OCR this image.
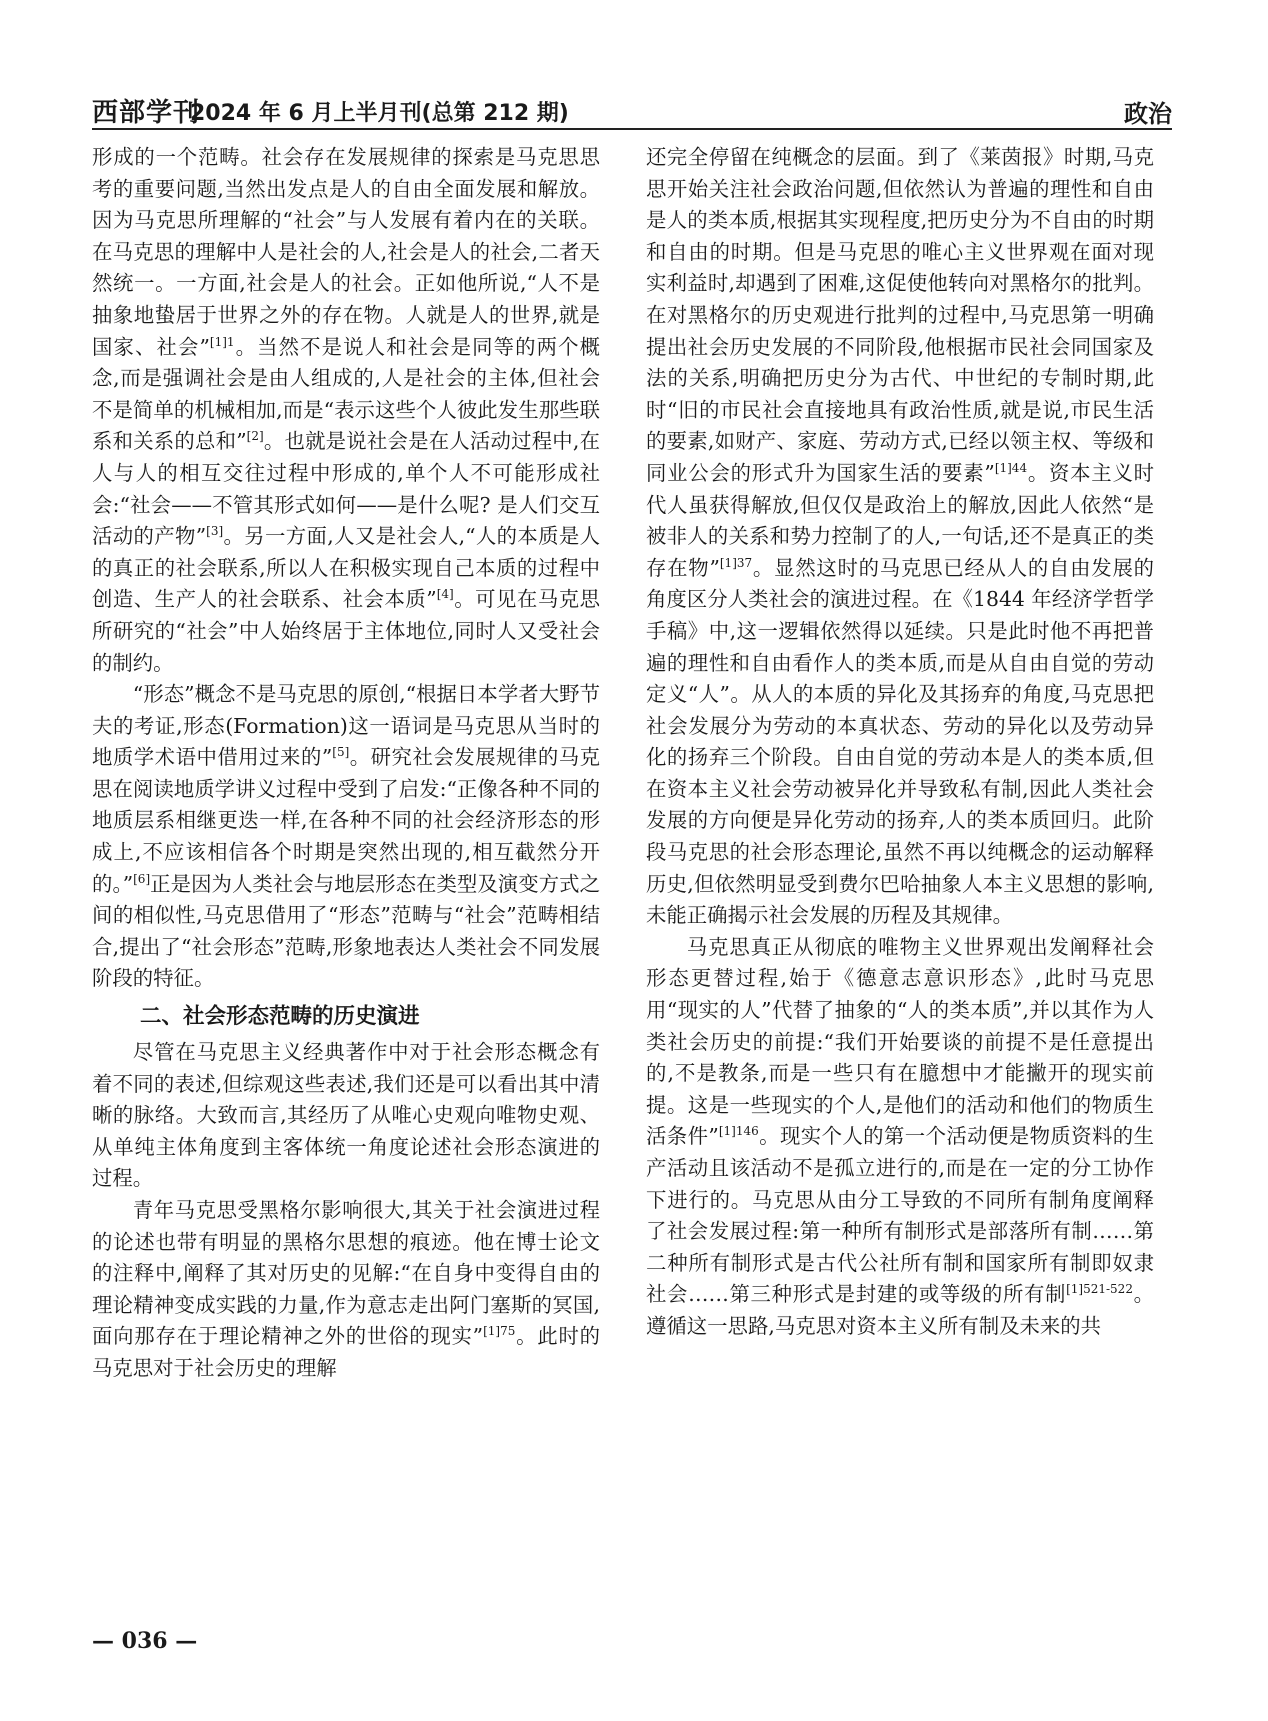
西部学刊
2024 年 6 月上半月刊(总第 212 期)	政治

形成的一个范畴。社会存在发展规律的探索是马克思思考的重要问题,当然出发点是人的自由全面发展和解放。因为马克思所理解的“社会”与人发展有着内在的关联。在马克思的理解中人是社会的人,社会是人的社会,二者天然统一。一方面,社会是人的社会。正如他所说,“人不是抽象地蛰居于世界之外的存在物。人就是人的世界,就是国家、社会”$^{[1]1}$。当然不是说人和社会是同等的两个概念,而是强调社会是由人组成的,人是社会的主体,但社会不是简单的机械相加,而是“表示这些个人彼此发生那些联系和关系的总和”[2]。也就是说社会是在人活动过程中,在人与人的相互交往过程中形成的,单个人不可能形成社会:“社会——不管其形式如何——是什么呢? 是人们交互活动的产物”[3]。另一方面,人又是社会人,“人的本质是人的真正的社会联系,所以人在积极实现自己本质的过程中创造、生产人的社会联系、社会本质”[4]。可见在马克思所研究的“社会”中人始终居于主体地位,同时人又受社会的制约。

“形态”概念不是马克思的原创,“根据日本学者大野节夫的考证,形态(Formation)这一语词是马克思从当时的地质学术语中借用过来的”[5]。研究社会发展规律的马克思在阅读地质学讲义过程中受到了启发:“正像各种不同的地质层系相继更迭一样,在各种不同的社会经济形态的形成上,不应该相信各个时期是突然出现的,相互截然分开的。”[6]正是因为人类社会与地层形态在类型及演变方式之间的相似性,马克思借用了“形态”范畴与“社会”范畴相结合,提出了“社会形态”范畴,形象地表达人类社会不同发展阶段的特征。

二、社会形态范畴的历史演进

尽管在马克思主义经典著作中对于社会形态概念有着不同的表述,但综观这些表述,我们还是可以看出其中清晰的脉络。大致而言,其经历了从唯心史观向唯物史观、从单纯主体角度到主客体统一角度论述社会形态演进的过程。

青年马克思受黑格尔影响很大,其关于社会演进过程的论述也带有明显的黑格尔思想的痕迹。他在博士论文的注释中,阐释了其对历史的见解:“在自身中变得自由的理论精神变成实践的力量,作为意志走出阿门塞斯的冥国,面向那存在于理论精神之外的世俗的现实”$^{[1]75}$。此时的马克思对于社会历史的理解

还完全停留在纯概念的层面。到了《莱茵报》时期,马克思开始关注社会政治问题,但依然认为普遍的理性和自由是人的类本质,根据其实现程度,把历史分为不自由的时期和自由的时期。但是马克思的唯心主义世界观在面对现实利益时,却遇到了困难,这促使他转向对黑格尔的批判。在对黑格尔的历史观进行批判的过程中,马克思第一明确提出社会历史发展的不同阶段,他根据市民社会同国家及法的关系,明确把历史分为古代、中世纪的专制时期,此时“旧的市民社会直接地具有政治性质,就是说,市民生活的要素,如财产、家庭、劳动方式,已经以领主权、等级和同业公会的形式升为国家生活的要素”$^{[1]44}$。资本主义时代人虽获得解放,但仅仅是政治上的解放,因此人依然“是被非人的关系和势力控制了的人,一句话,还不是真正的类存在物”$^{[1]37}$。显然这时的马克思已经从人的自由发展的角度区分人类社会的演进过程。在《1844 年经济学哲学手稿》中,这一逻辑依然得以延续。只是此时他不再把普遍的理性和自由看作人的类本质,而是从自由自觉的劳动定义“人”。从人的本质的异化及其扬弃的角度,马克思把社会发展分为劳动的本真状态、劳动的异化以及劳动异化的扬弃三个阶段。自由自觉的劳动本是人的类本质,但在资本主义社会劳动被异化并导致私有制,因此人类社会发展的方向便是异化劳动的扬弃,人的类本质回归。此阶段马克思的社会形态理论,虽然不再以纯概念的运动解释历史,但依然明显受到费尔巴哈抽象人本主义思想的影响,未能正确揭示社会发展的历程及其规律。

马克思真正从彻底的唯物主义世界观出发阐释社会形态更替过程,始于《德意志意识形态》,此时马克思用“现实的人”代替了抽象的“人的类本质”,并以其作为人类社会历史的前提:“我们开始要谈的前提不是任意提出的,不是教条,而是一些只有在臆想中才能撇开的现实前提。这是一些现实的个人,是他们的活动和他们的物质生活条件”$^{[1]146}$。现实个人的第一个活动便是物质资料的生产活动且该活动不是孤立进行的,而是在一定的分工协作下进行的。马克思从由分工导致的不同所有制角度阐释了社会发展过程:第一种所有制形式是部落所有制……第二种所有制形式是古代公社所有制和国家所有制即奴隶社会……第三种形式是封建的或等级的所有制$^{[1]521-522}$。遵循这一思路,马克思对资本主义所有制及未来的共

— 036 —
